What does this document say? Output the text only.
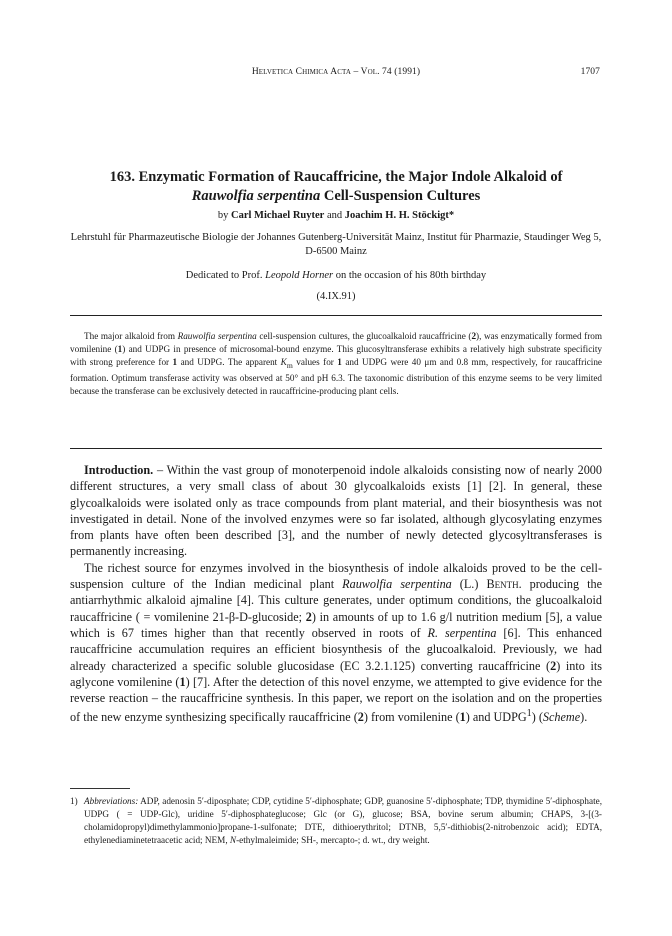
Helvetica Chimica Acta – Vol. 74 (1991)	1707
163. Enzymatic Formation of Raucaffricine, the Major Indole Alkaloid of
Rauwolfia serpentina Cell-Suspension Cultures
by Carl Michael Ruyter and Joachim H. H. Stöckigt*
Lehrstuhl für Pharmazeutische Biologie der Johannes Gutenberg-Universität Mainz, Institut für Pharmazie, Staudinger Weg 5, D-6500 Mainz
Dedicated to Prof. Leopold Horner on the occasion of his 80th birthday
(4.IX.91)

The major alkaloid from Rauwolfia serpentina cell-suspension cultures, the glucoalkaloid raucaffricine (2), was enzymatically formed from vomilenine (1) and UDPG in presence of microsomal-bound enzyme. This glucosyltransferase exhibits a relatively high substrate specificity with strong preference for 1 and UDPG. The apparent $K_m$ values for 1 and UDPG were 40 μm and 0.8 mm, respectively, for raucaffricine formation. Optimum transferase activity was observed at 50° and pH 6.3. The taxonomic distribution of this enzyme seems to be very limited because the transferase can be exclusively detected in raucaffricine-producing plant cells.

Introduction. – Within the vast group of monoterpenoid indole alkaloids consisting now of nearly 2000 different structures, a very small class of about 30 glycoalkaloids exists [1] [2]. In general, these glycoalkaloids were isolated only as trace compounds from plant material, and their biosynthesis was not investigated in detail. None of the involved enzymes were so far isolated, although glycosylating enzymes from plants have often been described [3], and the number of newly detected glycosyltransferases is permanently increasing.

The richest source for enzymes involved in the biosynthesis of indole alkaloids proved to be the cell-suspension culture of the Indian medicinal plant Rauwolfia serpentina (L.) Benth. producing the antiarrhythmic alkaloid ajmaline [4]. This culture generates, under optimum conditions, the glucoalkaloid raucaffricine ( = vomilenine 21-β-D-glucoside; 2) in amounts of up to 1.6 g/l nutrition medium [5], a value which is 67 times higher than that recently observed in roots of R. serpentina [6]. This enhanced raucaffricine accumulation requires an efficient biosynthesis of the glucoalkaloid. Previously, we had already characterized a specific soluble glucosidase (EC 3.2.1.125) converting raucaffricine (2) into its aglycone vomilenine (1) [7]. After the detection of this novel enzyme, we attempted to give evidence for the reverse reaction – the raucaffricine synthesis. In this paper, we report on the isolation and on the properties of the new enzyme synthesizing specifically raucaffricine (2) from vomilenine (1) and UDPG$^1$) (Scheme).

1) Abbreviations: ADP, adenosin 5′-diposphate; CDP, cytidine 5′-diphosphate; GDP, guanosine 5′-diphosphate; TDP, thymidine 5′-diphosphate, UDPG ( = UDP-Glc), uridine 5′-diphosphateglucose; Glc (or G), glucose; BSA, bovine serum albumin; CHAPS, 3-[(3-cholamidopropyl)dimethylammonio]propane-1-sulfonate; DTE, dithioerythritol; DTNB, 5,5′-dithiobis(2-nitrobenzoic acid); EDTA, ethylenediaminetetraacetic acid; NEM, N-ethylmaleimide; SH-, mercapto-; d. wt., dry weight.
